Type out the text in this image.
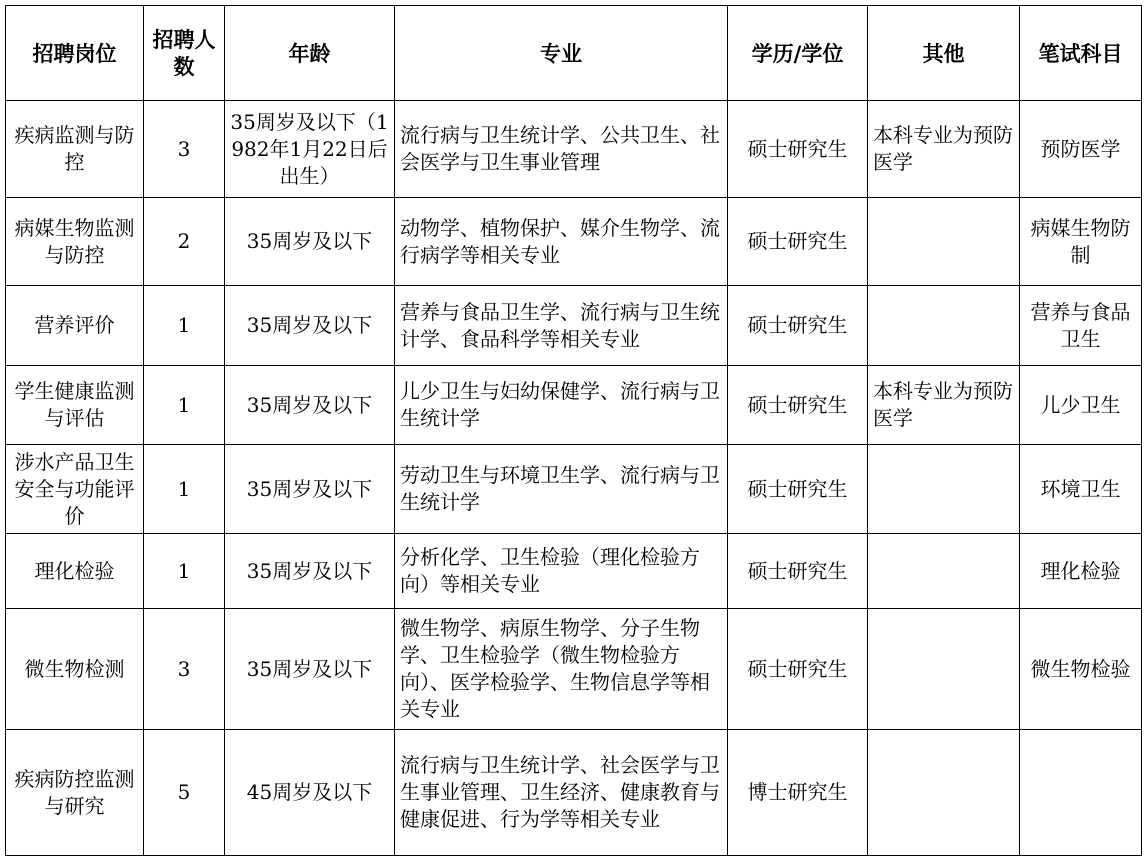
招聘岗位	招聘人数	年龄	专业	学历/学位	其他	笔试科目
疾病监测与防控	3	35周岁及以下（1982年1月22日后出生）	流行病与卫生统计学、公共卫生、社会医学与卫生事业管理	硕士研究生	本科专业为预防医学	预防医学
病媒生物监测与防控	2	35周岁及以下	动物学、植物保护、媒介生物学、流行病学等相关专业	硕士研究生		病媒生物防制
营养评价	1	35周岁及以下	营养与食品卫生学、流行病与卫生统计学、食品科学等相关专业	硕士研究生		营养与食品卫生
学生健康监测与评估	1	35周岁及以下	儿少卫生与妇幼保健学、流行病与卫生统计学	硕士研究生	本科专业为预防医学	儿少卫生
涉水产品卫生安全与功能评价	1	35周岁及以下	劳动卫生与环境卫生学、流行病与卫生统计学	硕士研究生		环境卫生
理化检验	1	35周岁及以下	分析化学、卫生检验（理化检验方向）等相关专业	硕士研究生		理化检验
微生物检测	3	35周岁及以下	微生物学、病原生物学、分子生物学、卫生检验学（微生物检验方向）、医学检验学、生物信息学等相关专业	硕士研究生		微生物检验
疾病防控监测与研究	5	45周岁及以下	流行病与卫生统计学、社会医学与卫生事业管理、卫生经济、健康教育与健康促进、行为学等相关专业	博士研究生		
